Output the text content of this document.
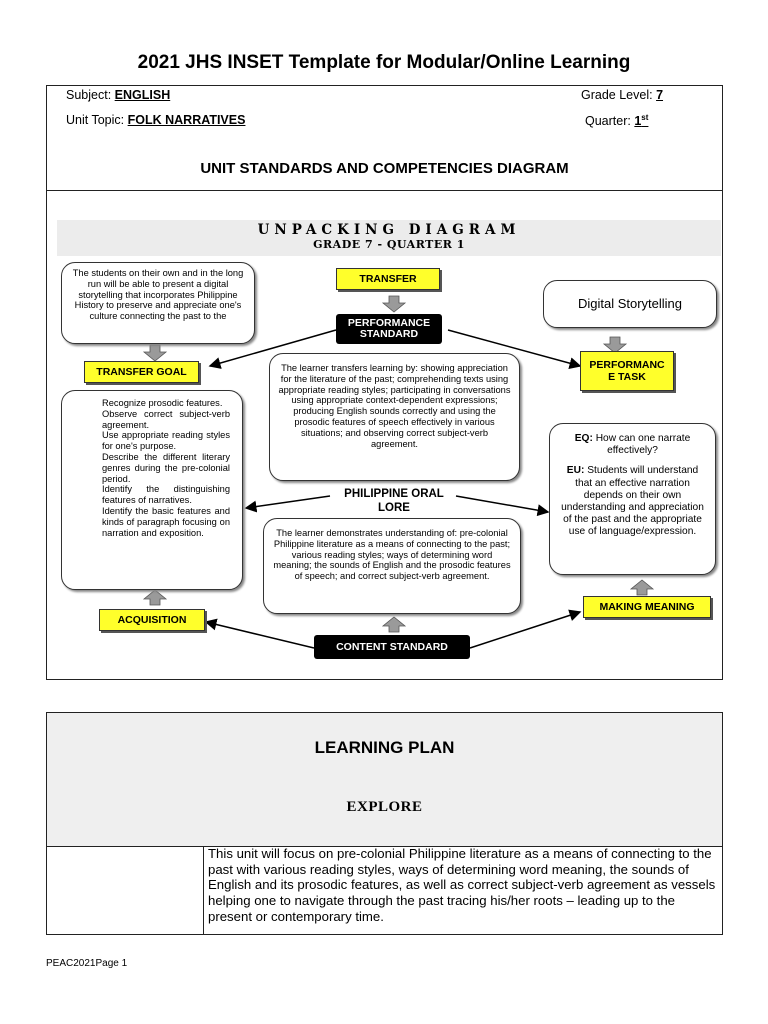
2021 JHS INSET Template for Modular/Online Learning
Subject: ENGLISH	Grade Level: 7
Unit Topic: FOLK NARRATIVES	Quarter: 1st
UNIT STANDARDS AND COMPETENCIES DIAGRAM
UNPACKING DIAGRAM
GRADE 7 - QUARTER 1
TRANSFER
PERFORMANCE STANDARD
The students on their own and in the long run will be able to present a digital storytelling that incorporates Philippine History to preserve and appreciate one's culture connecting the past to the
TRANSFER GOAL
Digital Storytelling
PERFORMANC E TASK
The learner transfers learning by: showing appreciation for the literature of the past; comprehending texts using appropriate reading styles; participating in conversations using appropriate context-dependent expressions; producing English sounds correctly and using the prosodic features of speech effectively in various situations; and observing correct subject-verb agreement.

Recognize prosodic features.

Observe correct subject-verb agreement.

Use appropriate reading styles for one's purpose.

Describe the different literary genres during the pre-colonial period.

Identify the distinguishing features of narratives.

Identify the basic features and kinds of paragraph focusing on narration and exposition.

PHILIPPINE ORAL LORE
EQ: How can one narrate effectively?
EU: Students will understand that an effective narration depends on their own understanding and appreciation of the past and the appropriate use of language/expression.
The learner demonstrates understanding of: pre-colonial Philippine literature as a means of connecting to the past; various reading styles; ways of determining word meaning; the sounds of English and the prosodic features of speech; and correct subject-verb agreement.
ACQUISITION
MAKING MEANING
CONTENT STANDARD
LEARNING PLAN
EXPLORE
This unit will focus on pre-colonial Philippine literature as a means of connecting to the past with various reading styles, ways of determining word meaning, the sounds of English and its prosodic features, as well as correct subject-verb agreement as vessels helping one to navigate through the past tracing his/her roots – leading up to the present or contemporary time.
PEAC2021Page 1
